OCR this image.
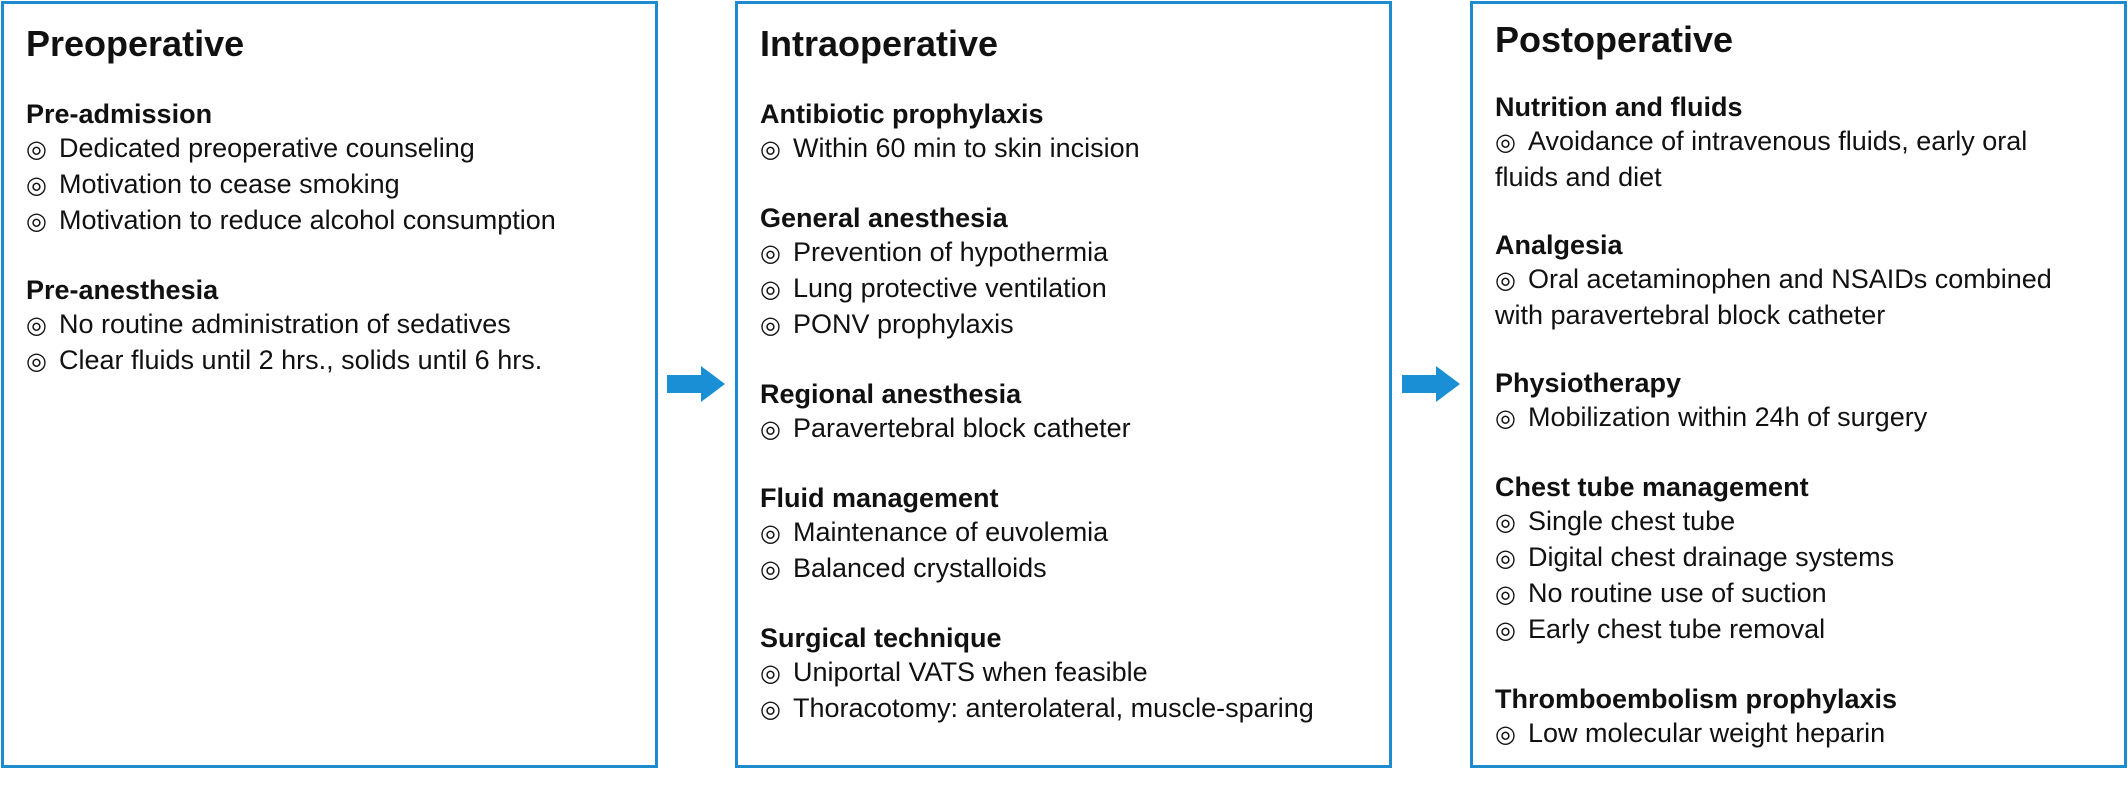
Preoperative
Pre-admission
◎ Dedicated preoperative counseling
◎ Motivation to cease smoking
◎ Motivation to reduce alcohol consumption
Pre-anesthesia
◎ No routine administration of sedatives
◎ Clear fluids until 2 hrs., solids until 6 hrs.
Intraoperative
Antibiotic prophylaxis
◎ Within 60 min to skin incision
General anesthesia
◎ Prevention of hypothermia
◎ Lung protective ventilation
◎ PONV prophylaxis
Regional anesthesia
◎ Paravertebral block catheter
Fluid management
◎ Maintenance of euvolemia
◎ Balanced crystalloids
Surgical technique
◎ Uniportal VATS when feasible
◎ Thoracotomy: anterolateral, muscle-sparing
Postoperative
Nutrition and fluids
◎ Avoidance of intravenous fluids, early oral fluids and diet
Analgesia
◎ Oral acetaminophen and NSAIDs combined with paravertebral block catheter
Physiotherapy
◎ Mobilization within 24h of surgery
Chest tube management
◎ Single chest tube
◎ Digital chest drainage systems
◎ No routine use of suction
◎ Early chest tube removal
Thromboembolism prophylaxis
◎ Low molecular weight heparin
